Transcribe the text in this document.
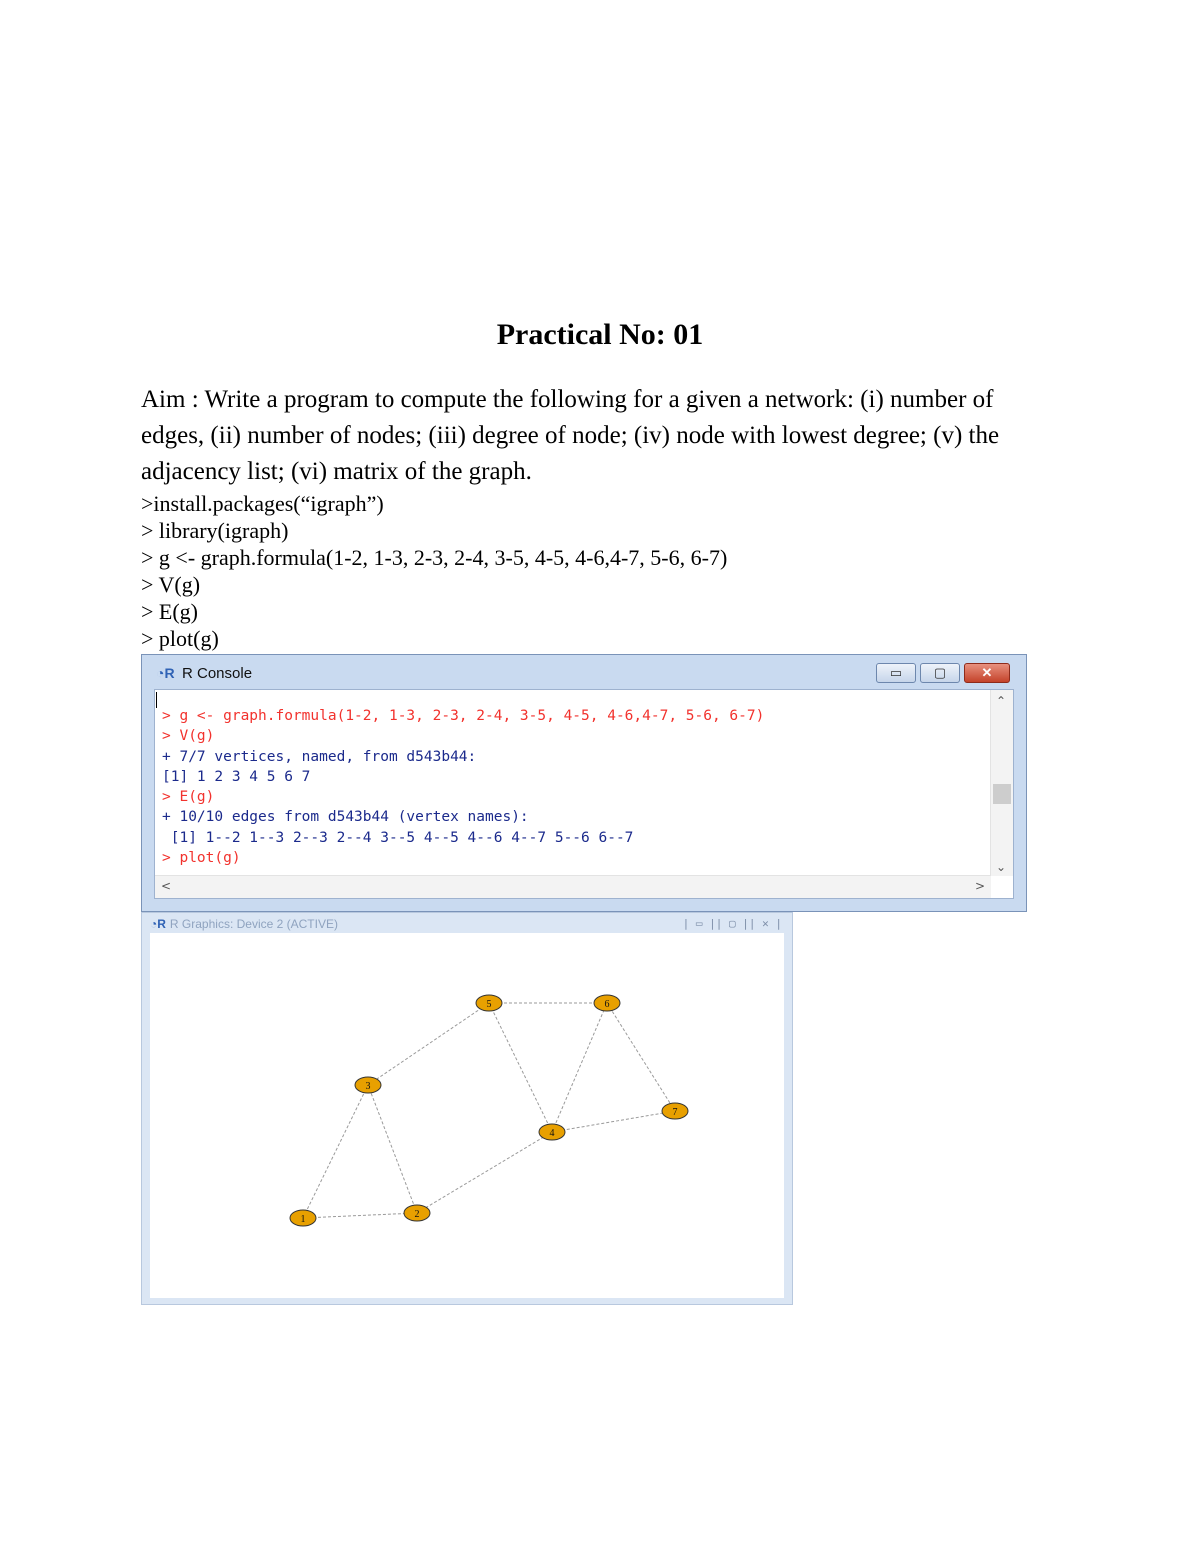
Practical No: 01
Aim : Write a program to compute the following for a given a network: (i) number of edges, (ii) number of nodes; (iii) degree of node; (iv) node with lowest degree; (v) the adjacency list; (vi) matrix of the graph.
>install.packages(“igraph”)
> library(igraph)
> g <- graph.formula(1-2, 1-3, 2-3, 2-4, 3-5, 4-5, 4-6,4-7, 5-6, 6-7)
> V(g)
> E(g)
> plot(g)
◔R R Console	▭	▢	✕
> g <- graph.formula(1-2, 1-3, 2-3, 2-4, 3-5, 4-5, 4-6,4-7, 5-6, 6-7)
> V(g)
+ 7/7 vertices, named, from d543b44:
[1] 1 2 3 4 5 6 7
> E(g)
+ 10/10 edges from d543b44 (vertex names):
[1] 1--2 1--3 2--3 2--4 3--5 4--5 4--6 4--7 5--6 6--7
> plot(g)
⌃
⌄
<	>
◔R R Graphics: Device 2 (ACTIVE)	| ▭ || ▢ || ✕ |
1	2
3
4
5	6
7
